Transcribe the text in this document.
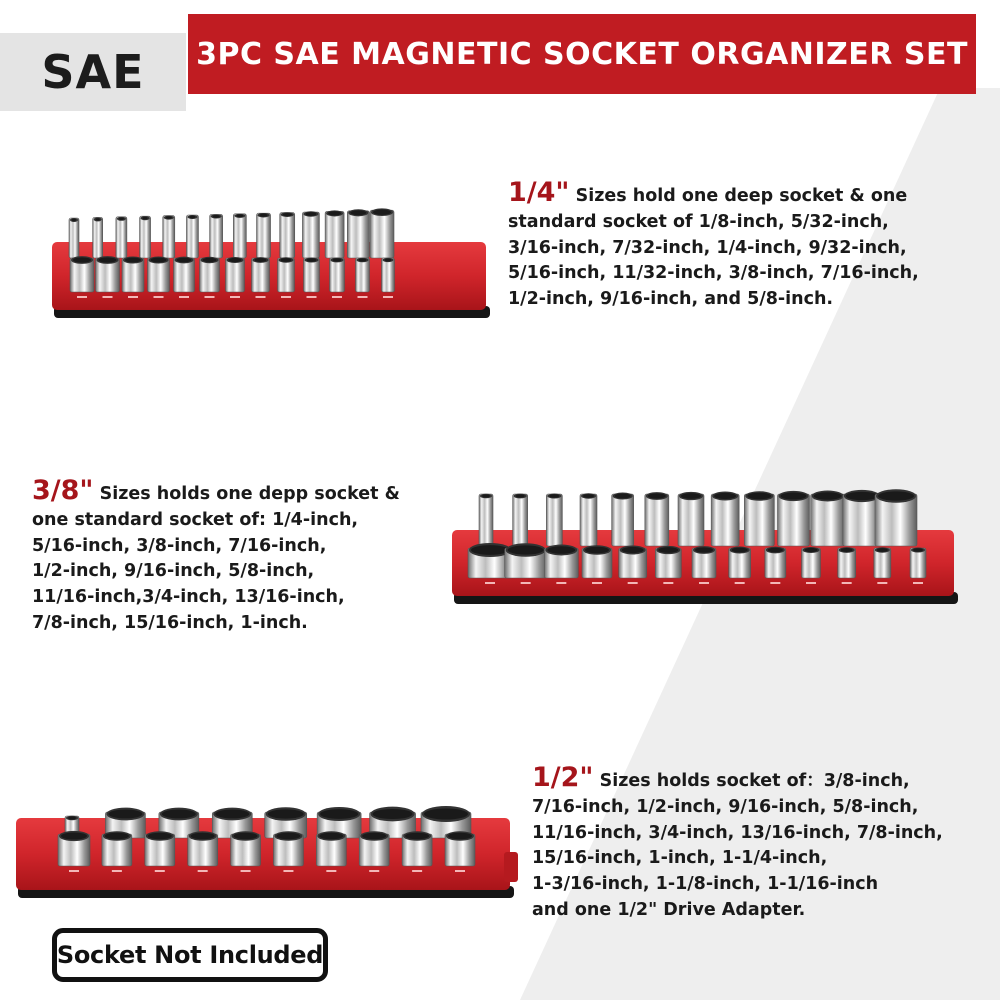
SAE 3PC SAE MAGNETIC SOCKET ORGANIZER SET
1/4" Sizes hold one deep socket & one
standard socket of 1/8-inch, 5/32-inch,
3/16-inch, 7/32-inch, 1/4-inch, 9/32-inch,
5/16-inch, 11/32-inch, 3/8-inch, 7/16-inch,
1/2-inch, 9/16-inch, and 5/8-inch.
3/8" Sizes holds one depp socket &
one standard socket of: 1/4-inch,
5/16-inch, 3/8-inch, 7/16-inch,
1/2-inch, 9/16-inch, 5/8-inch,
11/16-inch,3/4-inch, 13/16-inch,
7/8-inch, 15/16-inch, 1-inch.
1/2" Sizes holds socket of：3/8-inch,
7/16-inch, 1/2-inch, 9/16-inch, 5/8-inch,
11/16-inch, 3/4-inch, 13/16-inch, 7/8-inch,
15/16-inch, 1-inch, 1-1/4-inch,
1-3/16-inch, 1-1/8-inch, 1-1/16-inch
and one 1/2" Drive Adapter.
Socket Not Included
